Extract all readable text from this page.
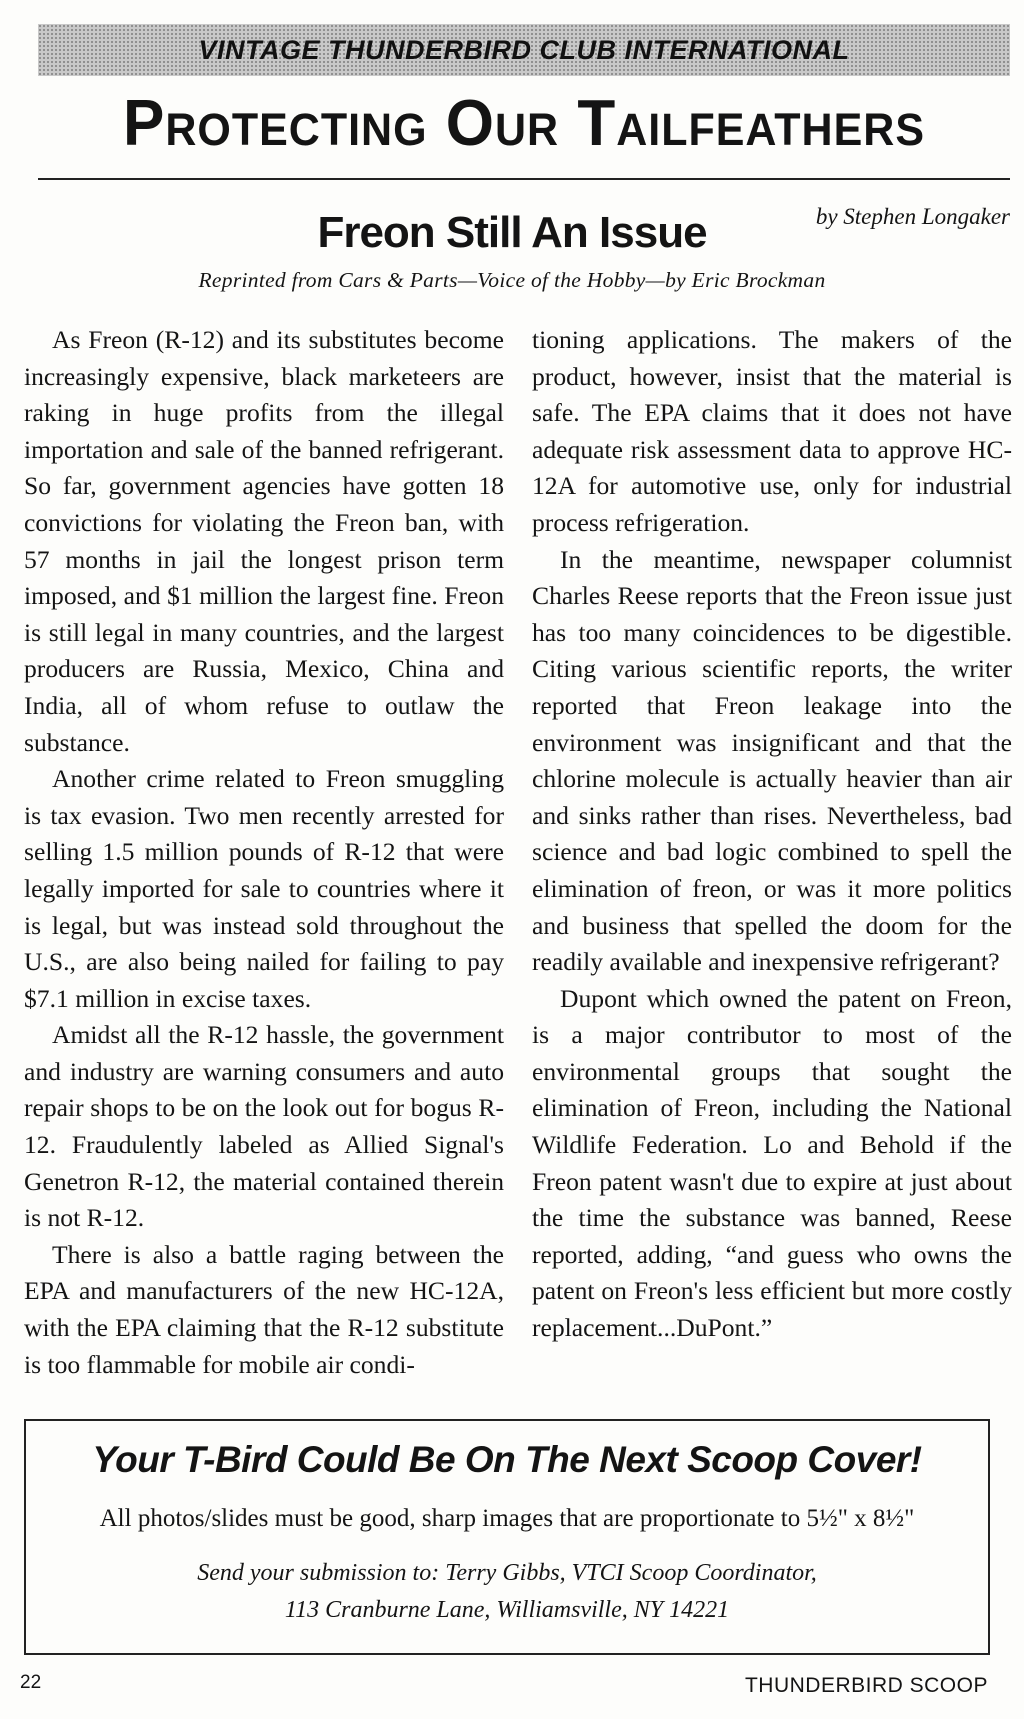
VINTAGE THUNDERBIRD CLUB INTERNATIONAL
Protecting Our Tailfeathers
Freon Still An Issue	by Stephen Longaker
Reprinted from Cars & Parts—Voice of the Hobby—by Eric Brockman

As Freon (R-12) and its substitutes become increasingly expensive, black marketeers are raking in huge profits from the illegal importation and sale of the banned refrigerant. So far, government agencies have gotten 18 convictions for violating the Freon ban, with 57 months in jail the longest prison term imposed, and $1 million the largest fine. Freon is still legal in many countries, and the largest producers are Russia, Mexico, China and India, all of whom refuse to outlaw the substance.

Another crime related to Freon smuggling is tax evasion. Two men recently arrested for selling 1.5 million pounds of R-12 that were legally imported for sale to countries where it is legal, but was instead sold throughout the U.S., are also being nailed for failing to pay $7.1 million in excise taxes.

Amidst all the R-12 hassle, the government and industry are warning consumers and auto repair shops to be on the look out for bogus R-12. Fraudulently labeled as Allied Signal's Genetron R-12, the material contained therein is not R-12.

There is also a battle raging between the EPA and manufacturers of the new HC-12A, with the EPA claiming that the R-12 substitute is too flammable for mobile air condi-

tioning applications. The makers of the product, however, insist that the material is safe. The EPA claims that it does not have adequate risk assessment data to approve HC-12A for automotive use, only for industrial process refrigeration.

In the meantime, newspaper columnist Charles Reese reports that the Freon issue just has too many coincidences to be digestible. Citing various scientific reports, the writer reported that Freon leakage into the environment was insignificant and that the chlorine molecule is actually heavier than air and sinks rather than rises. Nevertheless, bad science and bad logic combined to spell the elimination of freon, or was it more politics and business that spelled the doom for the readily available and inexpensive refrigerant?

Dupont which owned the patent on Freon, is a major contributor to most of the environmental groups that sought the elimination of Freon, including the National Wildlife Federation. Lo and Behold if the Freon patent wasn't due to expire at just about the time the substance was banned, Reese reported, adding, “and guess who owns the patent on Freon's less efficient but more costly replacement...DuPont.”

Your T-Bird Could Be On The Next Scoop Cover!
All photos/slides must be good, sharp images that are proportionate to 5½" x 8½"
Send your submission to: Terry Gibbs, VTCI Scoop Coordinator,
113 Cranburne Lane, Williamsville, NY 14221
22	THUNDERBIRD SCOOP
